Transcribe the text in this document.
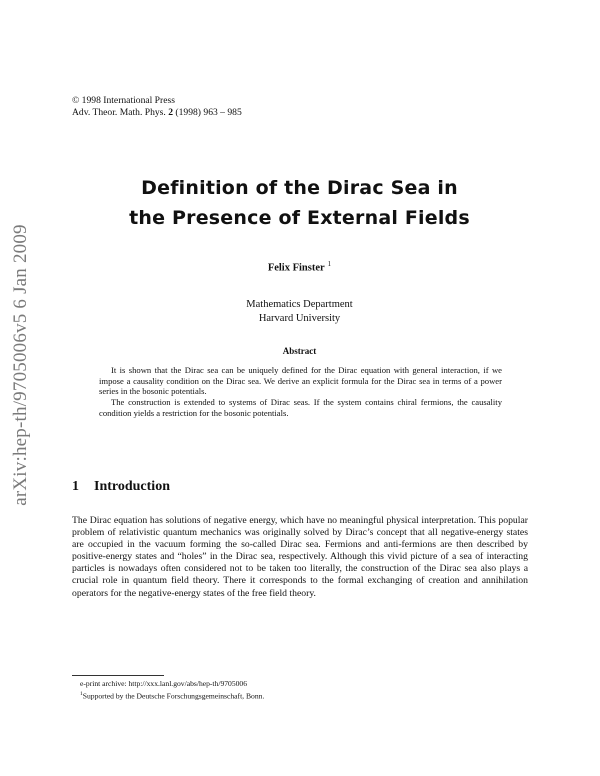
arXiv:hep-th/9705006v5 6 Jan 2009
© 1998 International Press
Adv. Theor. Math. Phys. 2 (1998) 963 – 985
Definition of the Dirac Sea in
the Presence of External Fields
Felix Finster $^1$
Mathematics Department
Harvard University
Abstract

It is shown that the Dirac sea can be uniquely defined for the Dirac equation with general interaction, if we impose a causality condition on the Dirac sea. We derive an explicit formula for the Dirac sea in terms of a power series in the bosonic potentials.

The construction is extended to systems of Dirac seas. If the system contains chiral fermions, the causality condition yields a restriction for the bosonic potentials.

1 Introduction

The Dirac equation has solutions of negative energy, which have no meaningful physical interpretation. This popular problem of relativistic quantum mechanics was originally solved by Dirac’s concept that all negative-energy states are occupied in the vacuum forming the so-called Dirac sea. Fermions and anti-fermions are then described by positive-energy states and “holes” in the Dirac sea, respectively. Although this vivid picture of a sea of interacting particles is nowadays often considered not to be taken too literally, the construction of the Dirac sea also plays a crucial role in quantum field theory. There it corresponds to the formal exchanging of creation and annihilation operators for the negative-energy states of the free field theory.

e-print archive: http://xxx.lanl.gov/abs/hep-th/9705006
$^1$Supported by the Deutsche Forschungsgemeinschaft, Bonn.
